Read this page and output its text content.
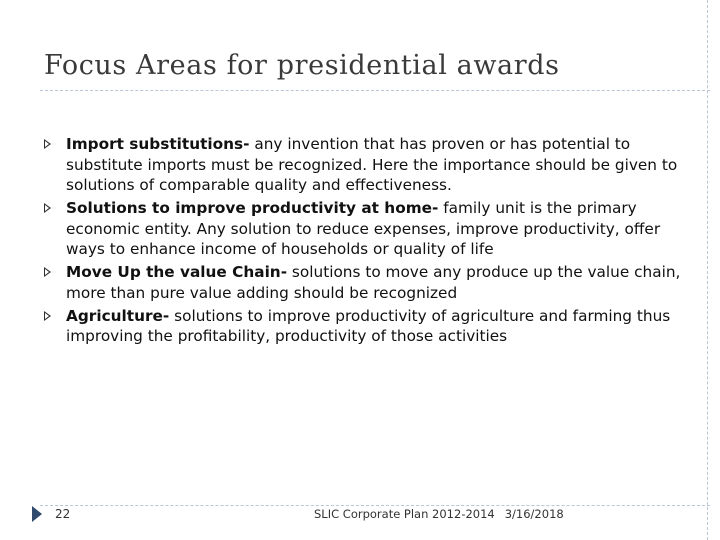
Focus Areas for presidential awards
Import substitutions- any invention that has proven or has potential to substitute imports must be recognized. Here the importance should be given to solutions of comparable quality and effectiveness.
Solutions to improve productivity at home- family unit is the primary economic entity. Any solution to reduce expenses, improve productivity, offer ways to enhance income of households or quality of life
Move Up the value Chain- solutions to move any produce up the value chain, more than pure value adding should be recognized
Agriculture- solutions to improve productivity of agriculture and farming thus improving the profitability, productivity of those activities
22	SLIC Corporate Plan 2012-2014 3/16/2018
